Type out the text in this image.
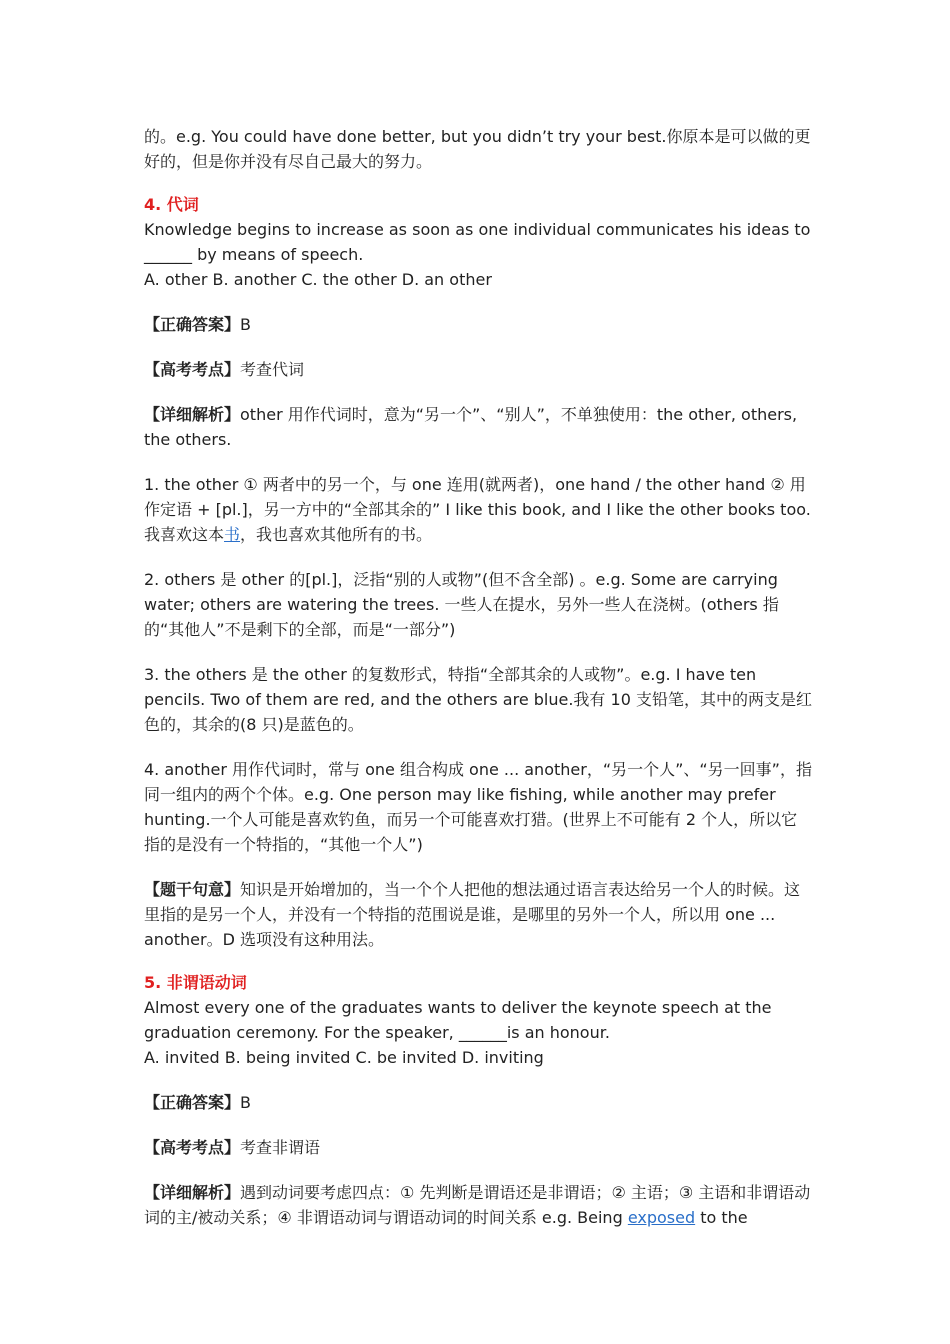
的。e.g. You could have done better, but you didn’t try your best.你原本是可以做的更好的，但是你并没有尽自己最大的努力。

4. 代词

Knowledge begins to increase as soon as one individual communicates his ideas to ______ by means of speech.

A. other B. another C. the other D. an other

【正确答案】B

【高考考点】考查代词

【详细解析】other 用作代词时，意为“另一个”、“别人”，不单独使用：the other, others, the others.

1. the other ① 两者中的另一个，与 one 连用(就两者)，one hand / the other hand ② 用作定语 + [pl.]，另一方中的“全部其余的” I like this book, and I like the other books too. 我喜欢这本书，我也喜欢其他所有的书。

2. others 是 other 的[pl.]，泛指“别的人或物”(但不含全部) 。e.g. Some are carrying water; others are watering the trees. 一些人在提水，另外一些人在浇树。(others 指的“其他人”不是剩下的全部，而是“一部分”)

3. the others 是 the other 的复数形式，特指“全部其余的人或物”。e.g. I have ten pencils. Two of them are red, and the others are blue.我有 10 支铅笔，其中的两支是红色的，其余的(8 只)是蓝色的。

4. another 用作代词时，常与 one 组合构成 one ... another，“另一个人”、“另一回事”，指同一组内的两个个体。e.g. One person may like fishing, while another may prefer hunting.一个人可能是喜欢钓鱼，而另一个可能喜欢打猎。(世界上不可能有 2 个人，所以它指的是没有一个特指的，“其他一个人”)

【题干句意】知识是开始增加的，当一个个人把他的想法通过语言表达给另一个人的时候。这里指的是另一个人，并没有一个特指的范围说是谁，是哪里的另外一个人，所以用 one ... another。D 选项没有这种用法。

5. 非谓语动词

Almost every one of the graduates wants to deliver the keynote speech at the graduation ceremony. For the speaker, ______is an honour.

A. invited B. being invited C. be invited D. inviting

【正确答案】B

【高考考点】考查非谓语

【详细解析】遇到动词要考虑四点：① 先判断是谓语还是非谓语；② 主语；③ 主语和非谓语动词的主/被动关系；④ 非谓语动词与谓语动词的时间关系 e.g. Being exposed to the
